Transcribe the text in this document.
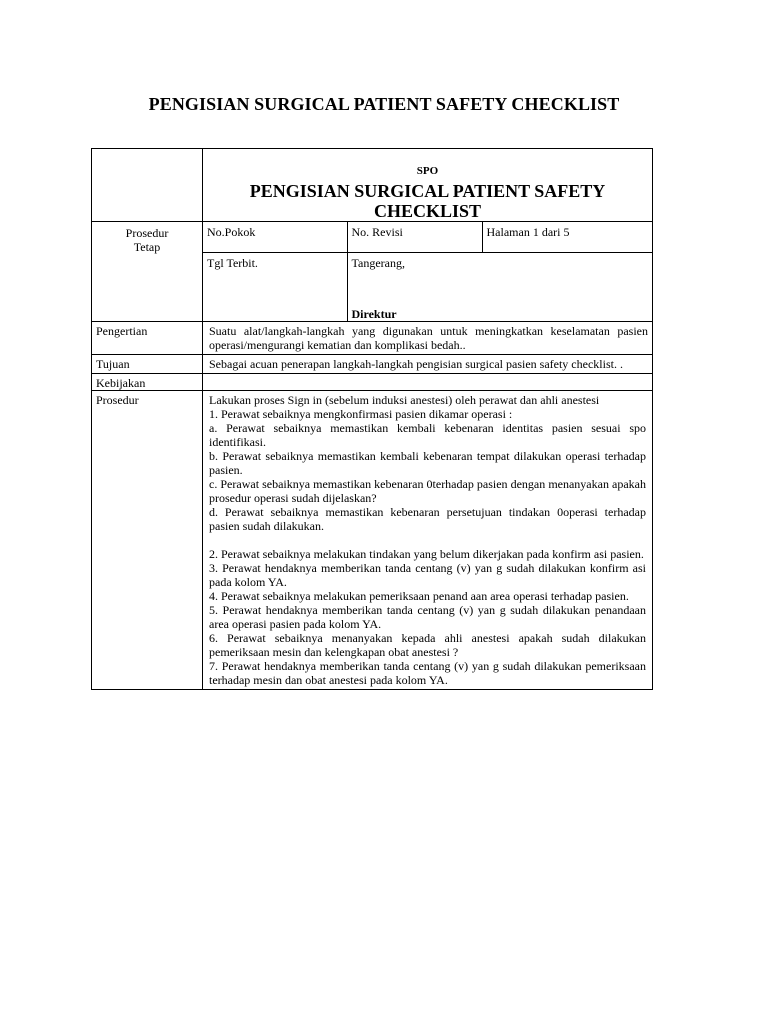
PENGISIAN SURGICAL PATIENT SAFETY CHECKLIST

SPO
PENGISIAN SURGICAL PATIENT SAFETY
CHECKLIST

Prosedur
Tetap

No.Pokok	No. Revisi	Halaman 1 dari 5
Tgl Terbit.	Tangerang,
Direktur

Pengertian	Suatu alat/langkah-langkah yang digunakan untuk meningkatkan keselamatan pasien operasi/mengurangi kematian dan komplikasi bedah..
Tujuan	Sebagai acuan penerapan langkah-langkah pengisian surgical pasien safety checklist. .
Kebijakan	
Prosedur	Lakukan proses Sign in (sebelum induksi anestesi) oleh perawat dan ahli anestesi
1. Perawat sebaiknya mengkonfirmasi pasien dikamar operasi :
a. Perawat sebaiknya memastikan kembali kebenaran identitas pasien sesuai spo identifikasi.
b. Perawat sebaiknya memastikan kembali kebenaran tempat dilakukan operasi terhadap pasien.
c. Perawat sebaiknya memastikan kebenaran 0terhadap pasien dengan menanyakan apakah prosedur operasi sudah dijelaskan?
d. Perawat sebaiknya memastikan kebenaran persetujuan tindakan 0operasi terhadap pasien sudah dilakukan.
2. Perawat sebaiknya melakukan tindakan yang belum dikerjakan pada konfirm asi pasien.
3. Perawat hendaknya memberikan tanda centang (v) yan g sudah dilakukan konfirm asi pada kolom YA.
4. Perawat sebaiknya melakukan pemeriksaan penand aan area operasi terhadap pasien.
5. Perawat hendaknya memberikan tanda centang (v) yan g sudah dilakukan penandaan area operasi pasien pada kolom YA.
6. Perawat sebaiknya menanyakan kepada ahli anestesi apakah sudah dilakukan pemeriksaan mesin dan kelengkapan obat anestesi ?
7. Perawat hendaknya memberikan tanda centang (v) yan g sudah dilakukan pemeriksaan terhadap mesin dan obat anestesi pada kolom YA.
